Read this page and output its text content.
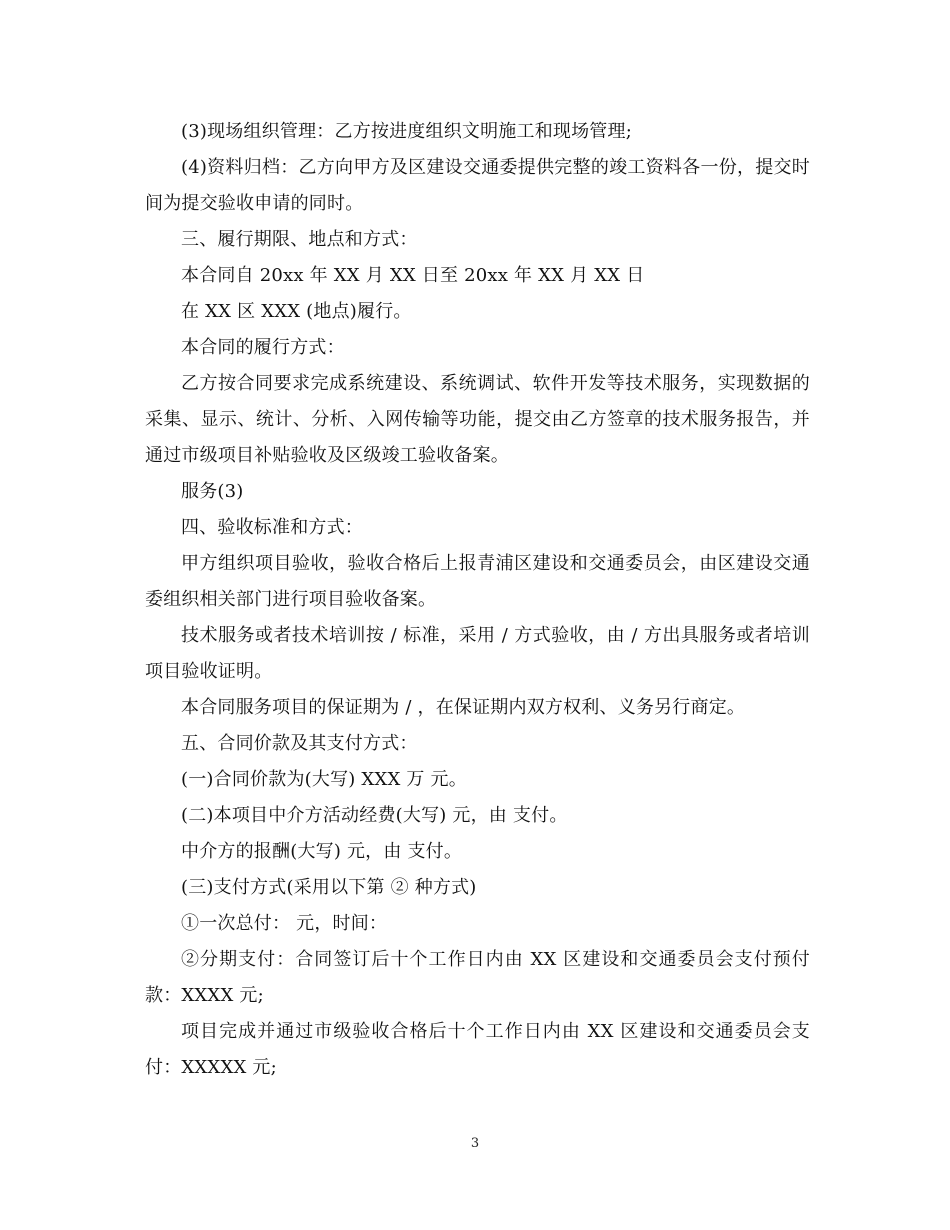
(3)现场组织管理：乙方按进度组织文明施工和现场管理;

(4)资料归档：乙方向甲方及区建设交通委提供完整的竣工资料各一份，提交时间为提交验收申请的同时。

三、履行期限、地点和方式：

本合同自 20xx 年 XX 月 XX 日至 20xx 年 XX 月 XX 日

在 XX 区 XXX (地点)履行。

本合同的履行方式：

乙方按合同要求完成系统建设、系统调试、软件开发等技术服务，实现数据的采集、显示、统计、分析、入网传输等功能，提交由乙方签章的技术服务报告，并通过市级项目补贴验收及区级竣工验收备案。

服务(3)

四、验收标准和方式：

甲方组织项目验收，验收合格后上报青浦区建设和交通委员会，由区建设交通委组织相关部门进行项目验收备案。

技术服务或者技术培训按 / 标准，采用 / 方式验收，由 / 方出具服务或者培训项目验收证明。

本合同服务项目的保证期为 / ，在保证期内双方权利、义务另行商定。

五、合同价款及其支付方式：

(一)合同价款为(大写) XXX 万 元。

(二)本项目中介方活动经费(大写) 元，由 支付。

中介方的报酬(大写) 元，由 支付。

(三)支付方式(采用以下第 ② 种方式)

①一次总付： 元，时间：

②分期支付：合同签订后十个工作日内由 XX 区建设和交通委员会支付预付款：XXXX 元;

项目完成并通过市级验收合格后十个工作日内由 XX 区建设和交通委员会支付：XXXXX 元;

3
